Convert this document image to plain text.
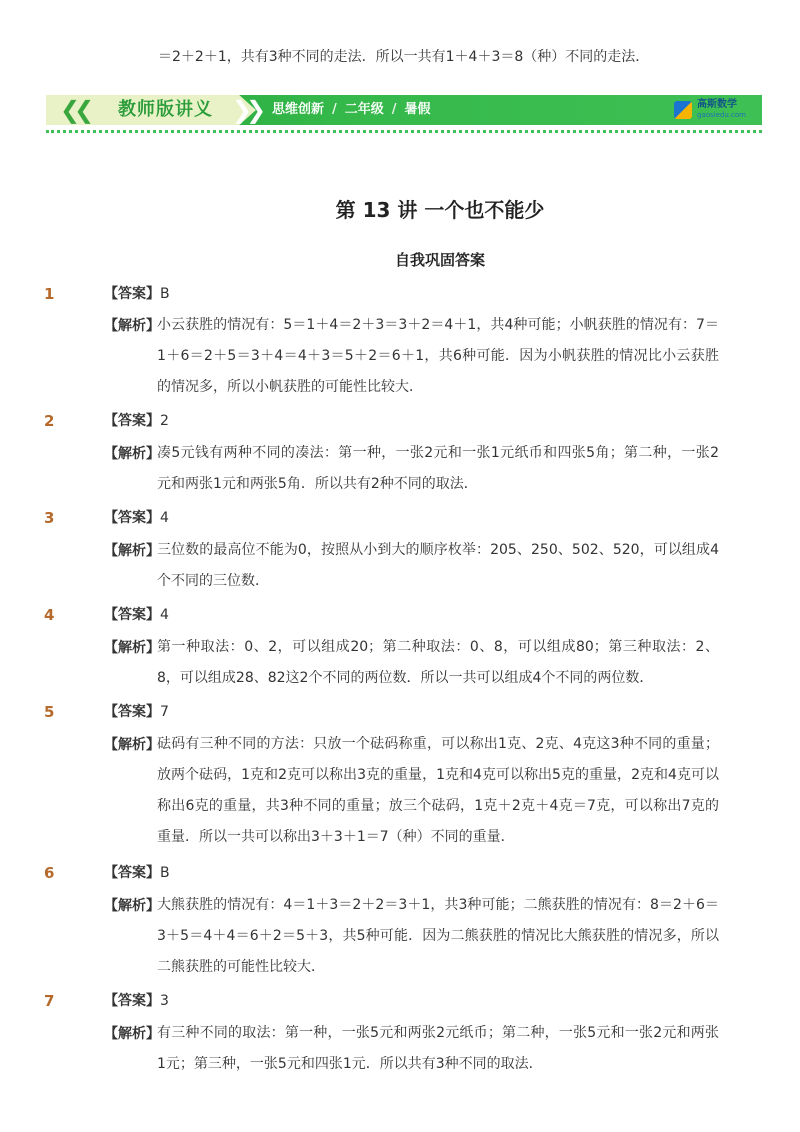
＝2＋2＋1，共有3种不同的走法．所以一共有1＋4＋3＝8（种）不同的走法．
❮❮ 教师版讲义 ❯❯ 思维创新 / 二年级 / 暑假	高斯数学
gaosiedu.com
第 13 讲 一个也不能少
自我巩固答案
1	【答案】B
【解析】
小云获胜的情况有：5＝1＋4＝2＋3＝3＋2＝4＋1，共4种可能；小帆获胜的情况有：7＝1＋6＝2＋5＝3＋4＝4＋3＝5＋2＝6＋1，共6种可能．因为小帆获胜的情况比小云获胜的情况多，所以小帆获胜的可能性比较大．
2	【答案】2
【解析】
凑5元钱有两种不同的凑法：第一种，一张2元和一张1元纸币和四张5角；第二种，一张2元和两张1元和两张5角．所以共有2种不同的取法．
3	【答案】4
【解析】
三位数的最高位不能为0，按照从小到大的顺序枚举：205、250、502、520，可以组成4个不同的三位数．
4	【答案】4
【解析】
第一种取法：0、2，可以组成20；第二种取法：0、8，可以组成80；第三种取法：2、8，可以组成28、82这2个不同的两位数．所以一共可以组成4个不同的两位数．
5	【答案】7
【解析】
砝码有三种不同的方法：只放一个砝码称重，可以称出1克、2克、4克这3种不同的重量；放两个砝码，1克和2克可以称出3克的重量，1克和4克可以称出5克的重量，2克和4克可以称出6克的重量，共3种不同的重量；放三个砝码，1克＋2克＋4克＝7克，可以称出7克的重量．所以一共可以称出3＋3＋1＝7（种）不同的重量．
6	【答案】B
【解析】
大熊获胜的情况有：4＝1＋3＝2＋2＝3＋1，共3种可能；二熊获胜的情况有：8＝2＋6＝3＋5＝4＋4＝6＋2＝5＋3，共5种可能．因为二熊获胜的情况比大熊获胜的情况多，所以二熊获胜的可能性比较大．
7	【答案】3
【解析】
有三种不同的取法：第一种，一张5元和两张2元纸币；第二种，一张5元和一张2元和两张1元；第三种，一张5元和四张1元．所以共有3种不同的取法．
